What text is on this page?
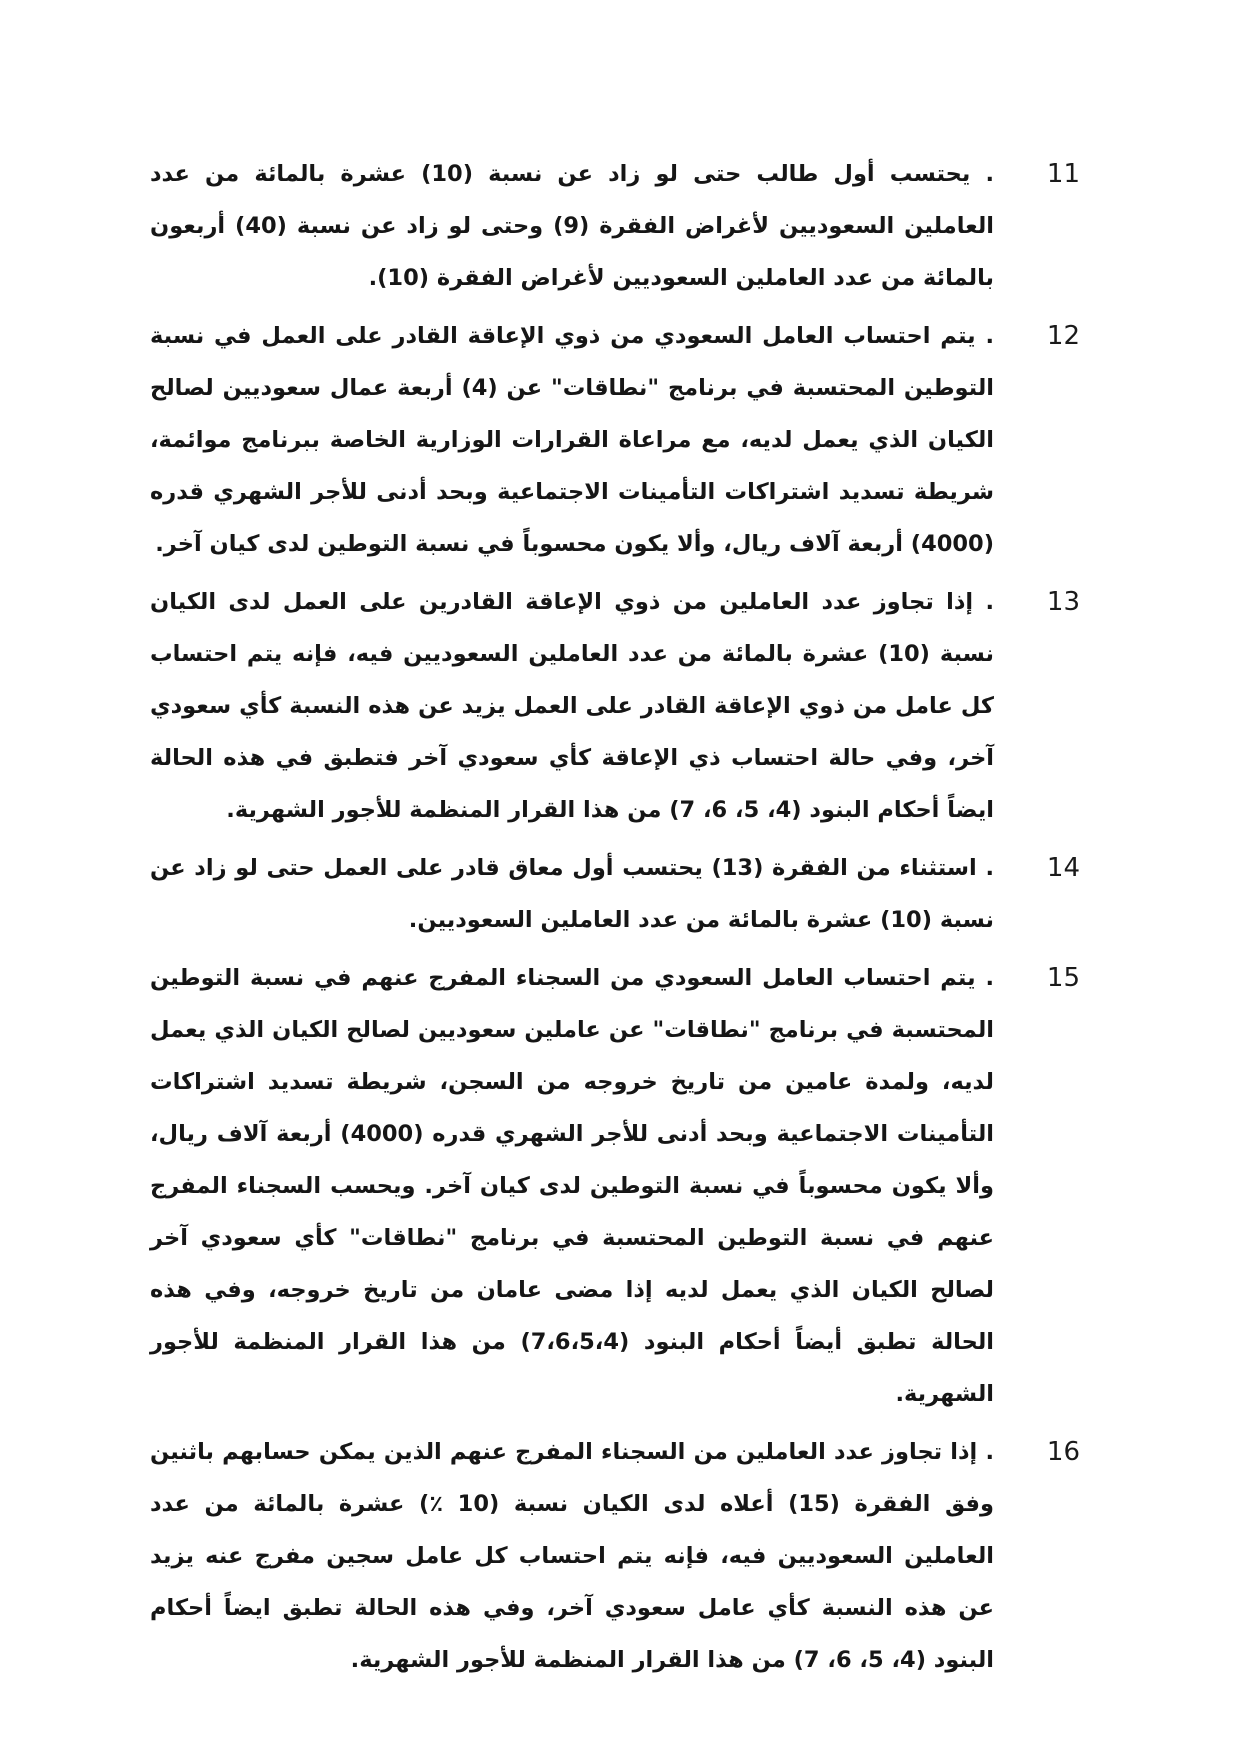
11
. يحتسب أول طالب حتى لو زاد عن نسبة (10) عشرة بالمائة من عدد العاملين السعوديين لأغراض الفقرة (9) وحتى لو زاد عن نسبة (40) أربعون بالمائة من عدد العاملين السعوديين لأغراض الفقرة (10).
12
. يتم احتساب العامل السعودي من ذوي الإعاقة القادر على العمل في نسبة التوطين المحتسبة في برنامج "نطاقات" عن (4) أربعة عمال سعوديين لصالح الكيان الذي يعمل لديه، مع مراعاة القرارات الوزارية الخاصة ببرنامج موائمة، شريطة تسديد اشتراكات التأمينات الاجتماعية وبحد أدنى للأجر الشهري قدره (4000) أربعة آلاف ريال، وألا يكون محسوباً في نسبة التوطين لدى كيان آخر.
13
. إذا تجاوز عدد العاملين من ذوي الإعاقة القادرين على العمل لدى الكيان نسبة (10) عشرة بالمائة من عدد العاملين السعوديين فيه، فإنه يتم احتساب كل عامل من ذوي الإعاقة القادر على العمل يزيد عن هذه النسبة كأي سعودي آخر، وفي حالة احتساب ذي الإعاقة كأي سعودي آخر فتطبق في هذه الحالة ايضاً أحكام البنود (4، 5، 6، 7) من هذا القرار المنظمة للأجور الشهرية.
14
. استثناء من الفقرة (13) يحتسب أول معاق قادر على العمل حتى لو زاد عن نسبة (10) عشرة بالمائة من عدد العاملين السعوديين.
15
. يتم احتساب العامل السعودي من السجناء المفرج عنهم في نسبة التوطين المحتسبة في برنامج "نطاقات" عن عاملين سعوديين لصالح الكيان الذي يعمل لديه، ولمدة عامين من تاريخ خروجه من السجن، شريطة تسديد اشتراكات التأمينات الاجتماعية وبحد أدنى للأجر الشهري قدره (4000) أربعة آلاف ريال، وألا يكون محسوباً في نسبة التوطين لدى كيان آخر. ويحسب السجناء المفرج عنهم في نسبة التوطين المحتسبة في برنامج "نطاقات" كأي سعودي آخر لصالح الكيان الذي يعمل لديه إذا مضى عامان من تاريخ خروجه، وفي هذه الحالة تطبق أيضاً أحكام البنود (7،6،5،4) من هذا القرار المنظمة للأجور الشهرية.
16
. إذا تجاوز عدد العاملين من السجناء المفرج عنهم الذين يمكن حسابهم باثنين وفق الفقرة (15) أعلاه لدى الكيان نسبة (10 ٪) عشرة بالمائة من عدد العاملين السعوديين فيه، فإنه يتم احتساب كل عامل سجين مفرج عنه يزيد عن هذه النسبة كأي عامل سعودي آخر، وفي هذه الحالة تطبق ايضاً أحكام البنود (4، 5، 6، 7) من هذا القرار المنظمة للأجور الشهرية.
